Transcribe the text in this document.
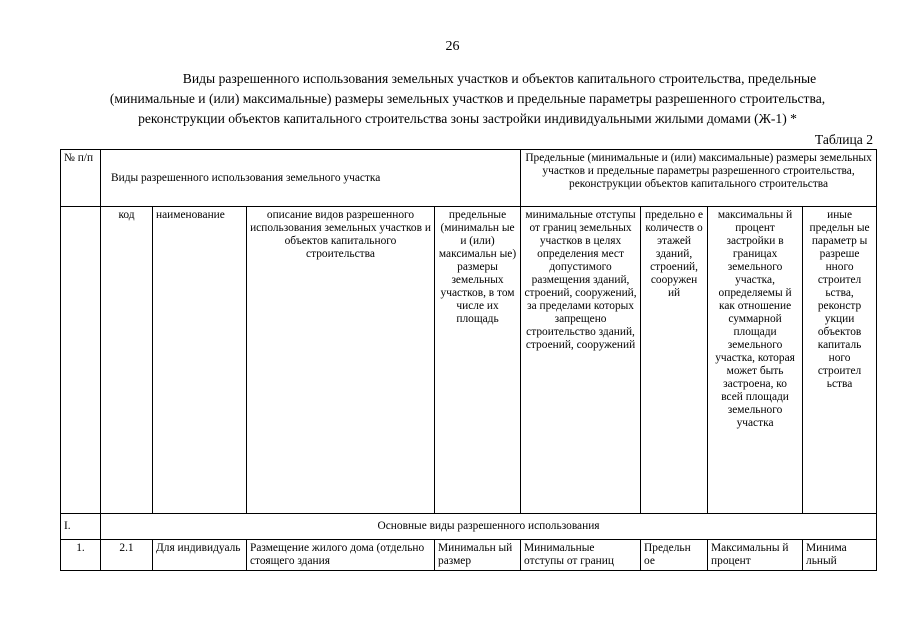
26
Виды разрешенного использования земельных участков и объектов капитального строительства, предельные
(минимальные и (или) максимальные) размеры земельных участков и предельные параметры разрешенного строительства,
реконструкции объектов капитального строительства зоны застройки индивидуальными жилыми домами (Ж-1) *
Таблица 2
№ п/п	Виды разрешенного использования земельного участка				Предельные (минимальные и (или) максимальные) размеры земельных участков и предельные параметры разрешенного строительства, реконструкции объектов капитального строительства			
	код	наименование	описание видов разрешенного использования земельных участков и объектов капитального строительства	предельные (минимальн ые и (или) максимальн ые) размеры земельных участков, в том числе их площадь	минимальные отступы от границ земельных участков в целях определения мест допустимого размещения зданий, строений, сооружений, за пределами которых запрещено строительство зданий, строений, сооружений	предельно е количеств о этажей зданий, строений, сооружен ий	максимальны й процент застройки в границах земельного участка, определяемы й как отношение суммарной площади земельного участка, которая может быть застроена, ко всей площади земельного участка	иные предельн ые параметр ы разреше нного строител ьства, реконстр укции объектов капиталь ного строител ьства
I.	Основные виды разрешенного использования							

1.	2.1	Для индивидуаль	Размещение жилого дома (отдельно стоящего здания	Минимальн ый размер	Минимальные отступы от границ	Предельн ое	Максимальны й процент	Минима льный
